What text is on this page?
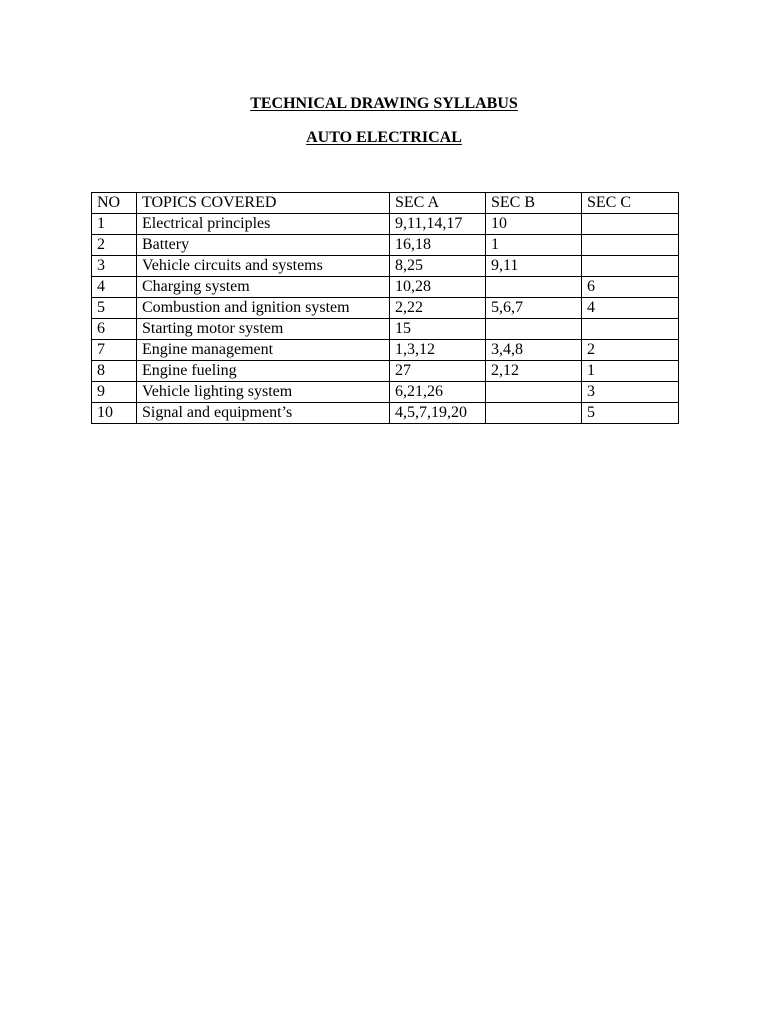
TECHNICAL DRAWING SYLLABUS
AUTO ELECTRICAL
NO	TOPICS COVERED	SEC A	SEC B	SEC C
1	Electrical principles	9,11,14,17	10	
2	Battery	16,18	1	
3	Vehicle circuits and systems	8,25	9,11	
4	Charging system	10,28		6
5	Combustion and ignition system	2,22	5,6,7	4
6	Starting motor system	15		
7	Engine management	1,3,12	3,4,8	2
8	Engine fueling	27	2,12	1
9	Vehicle lighting system	6,21,26		3
10	Signal and equipment’s	4,5,7,19,20		5
